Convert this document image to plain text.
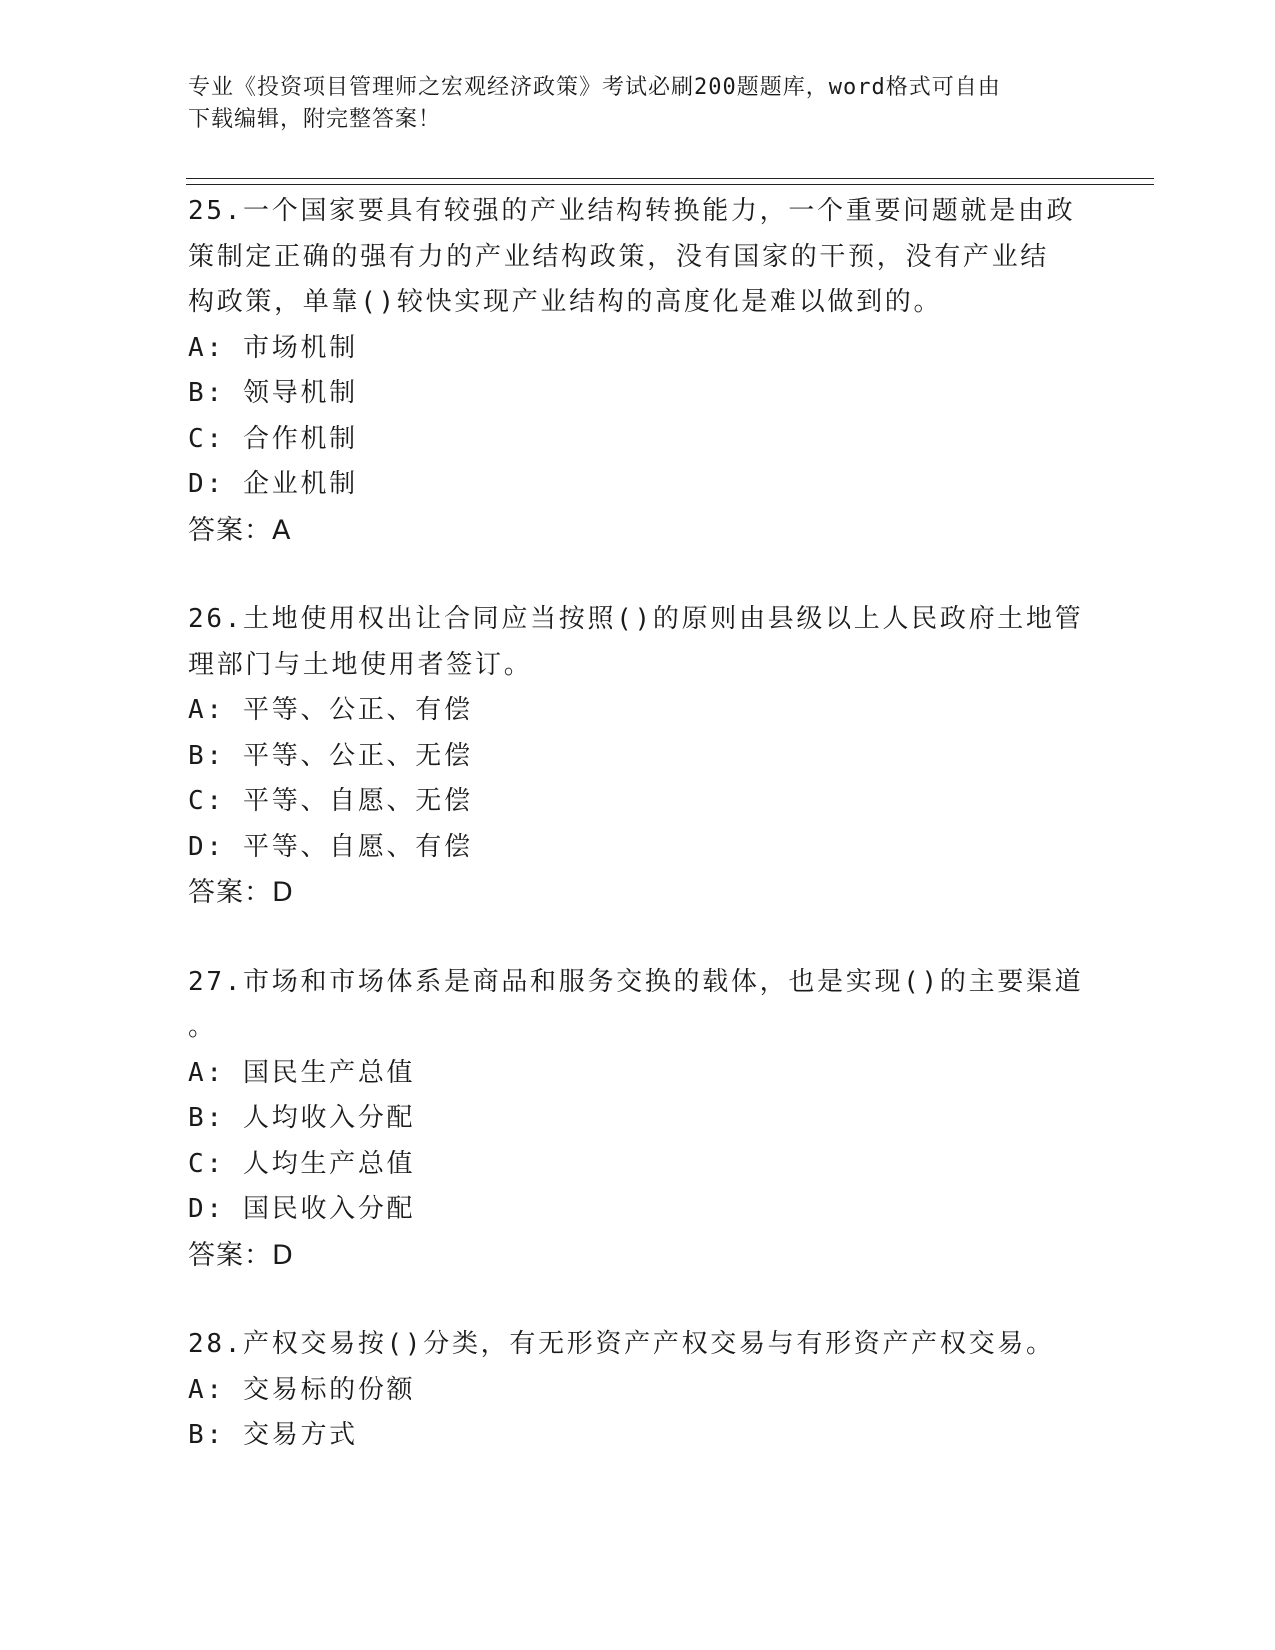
专业《投资项目管理师之宏观经济政策》考试必刷200题题库，word格式可自由
下载编辑，附完整答案！
25.一个国家要具有较强的产业结构转换能力，一个重要问题就是由政
策制定正确的强有力的产业结构政策，没有国家的干预，没有产业结
构政策，单靠()较快实现产业结构的高度化是难以做到的。
A: 市场机制
B: 领导机制
C: 合作机制
D: 企业机制
答案：A
26.土地使用权出让合同应当按照()的原则由县级以上人民政府土地管
理部门与土地使用者签订。
A: 平等、公正、有偿
B: 平等、公正、无偿
C: 平等、自愿、无偿
D: 平等、自愿、有偿
答案：D
27.市场和市场体系是商品和服务交换的载体，也是实现()的主要渠道
。
A: 国民生产总值
B: 人均收入分配
C: 人均生产总值
D: 国民收入分配
答案：D
28.产权交易按()分类，有无形资产产权交易与有形资产产权交易。
A: 交易标的份额
B: 交易方式
